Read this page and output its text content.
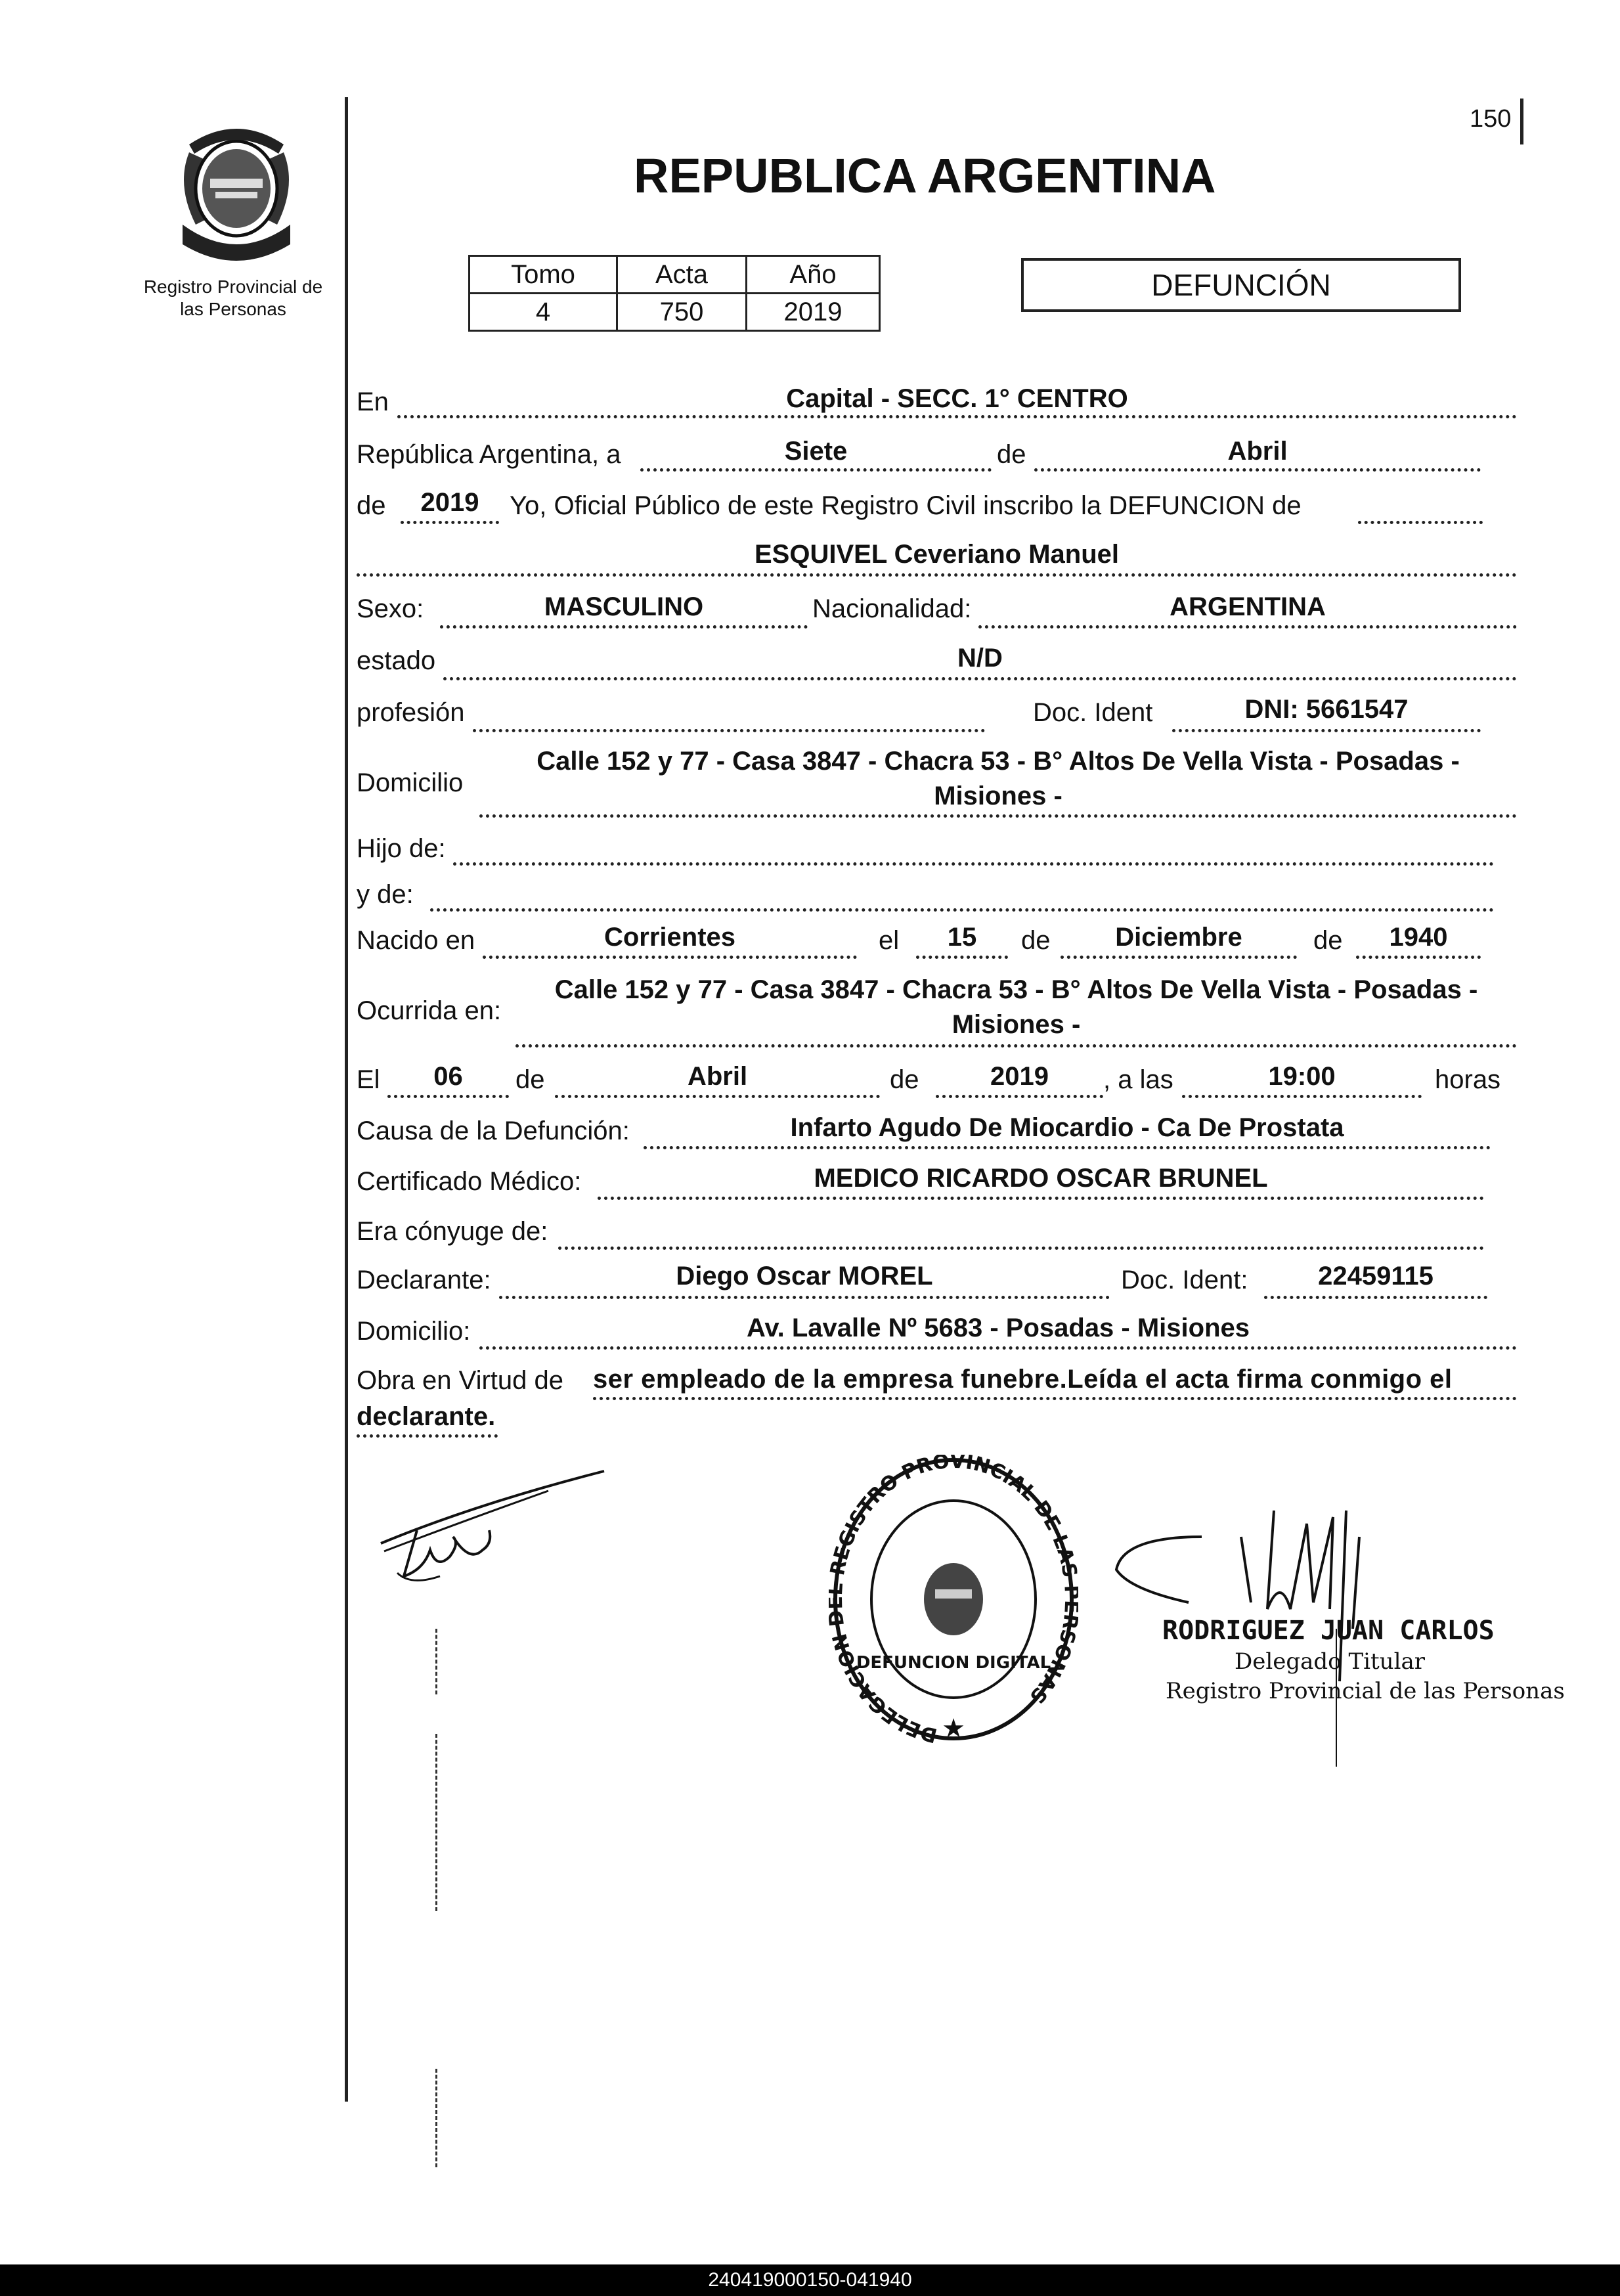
Registro Provincial de las Personas
150
REPUBLICA ARGENTINA
Tomo	Acta	Año
4	750	2019
DEFUNCIÓN
En	Capital - SECC. 1° CENTRO
República Argentina, a	Siete	de	Abril
de	2019	Yo, Oficial Público de este Registro Civil inscribo la DEFUNCION de
ESQUIVEL Ceveriano Manuel
Sexo:	MASCULINO	Nacionalidad:	ARGENTINA
estado	N/D
profesión	Doc. Ident	DNI: 5661547
Domicilio
Calle 152 y 77 - Casa 3847 - Chacra 53 - B° Altos De Vella Vista - Posadas -
Misiones -
Hijo de:
y de:
Nacido en	Corrientes	el	15	de	Diciembre	de	1940
Ocurrida en:
Calle 152 y 77 - Casa 3847 - Chacra 53 - B° Altos De Vella Vista - Posadas -
Misiones -
El	06	de	Abril	de	2019	, a las	19:00	horas
Causa de la Defunción:	Infarto Agudo De Miocardio - Ca De Prostata
Certificado Médico:	MEDICO RICARDO OSCAR BRUNEL
Era cónyuge de:
Declarante:	Diego Oscar MOREL	Doc. Ident:	22459115
Domicilio:	Av. Lavalle Nº 5683 - Posadas - Misiones
Obra en Virtud de ser empleado de la empresa funebre.Leída el acta firma conmigo el
declarante.
DELEGACION EGISTRO PROVINCIAL DE LA SONAS
DEFUNCION DIGITAL
★
RODRIGUEZ JUAN CARLOS
Delegado Titular
Registro Provincial de las Personas
240419000150-041940
